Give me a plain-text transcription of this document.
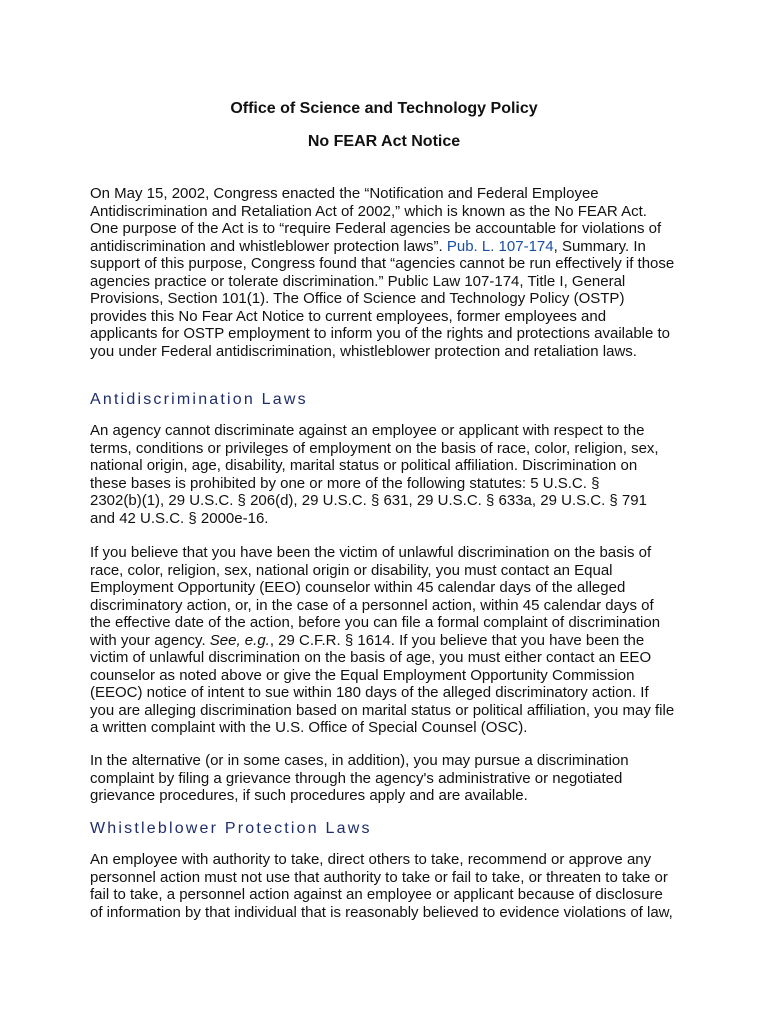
Office of Science and Technology Policy
No FEAR Act Notice
On May 15, 2002, Congress enacted the “Notification and Federal Employee
Antidiscrimination and Retaliation Act of 2002,” which is known as the No FEAR Act.
One purpose of the Act is to “require Federal agencies be accountable for violations of
antidiscrimination and whistleblower protection laws”. Pub. L. 107-174, Summary. In
support of this purpose, Congress found that “agencies cannot be run effectively if those
agencies practice or tolerate discrimination.” Public Law 107-174, Title I, General
Provisions, Section 101(1). The Office of Science and Technology Policy (OSTP)
provides this No Fear Act Notice to current employees, former employees and
applicants for OSTP employment to inform you of the rights and protections available to
you under Federal antidiscrimination, whistleblower protection and retaliation laws.
Antidiscrimination Laws
An agency cannot discriminate against an employee or applicant with respect to the
terms, conditions or privileges of employment on the basis of race, color, religion, sex,
national origin, age, disability, marital status or political affiliation. Discrimination on
these bases is prohibited by one or more of the following statutes: 5 U.S.C. §
2302(b)(1), 29 U.S.C. § 206(d), 29 U.S.C. § 631, 29 U.S.C. § 633a, 29 U.S.C. § 791
and 42 U.S.C. § 2000e-16.
If you believe that you have been the victim of unlawful discrimination on the basis of
race, color, religion, sex, national origin or disability, you must contact an Equal
Employment Opportunity (EEO) counselor within 45 calendar days of the alleged
discriminatory action, or, in the case of a personnel action, within 45 calendar days of
the effective date of the action, before you can file a formal complaint of discrimination
with your agency. See, e.g., 29 C.F.R. § 1614. If you believe that you have been the
victim of unlawful discrimination on the basis of age, you must either contact an EEO
counselor as noted above or give the Equal Employment Opportunity Commission
(EEOC) notice of intent to sue within 180 days of the alleged discriminatory action. If
you are alleging discrimination based on marital status or political affiliation, you may file
a written complaint with the U.S. Office of Special Counsel (OSC).
In the alternative (or in some cases, in addition), you may pursue a discrimination
complaint by filing a grievance through the agency's administrative or negotiated
grievance procedures, if such procedures apply and are available.
Whistleblower Protection Laws
An employee with authority to take, direct others to take, recommend or approve any
personnel action must not use that authority to take or fail to take, or threaten to take or
fail to take, a personnel action against an employee or applicant because of disclosure
of information by that individual that is reasonably believed to evidence violations of law,
